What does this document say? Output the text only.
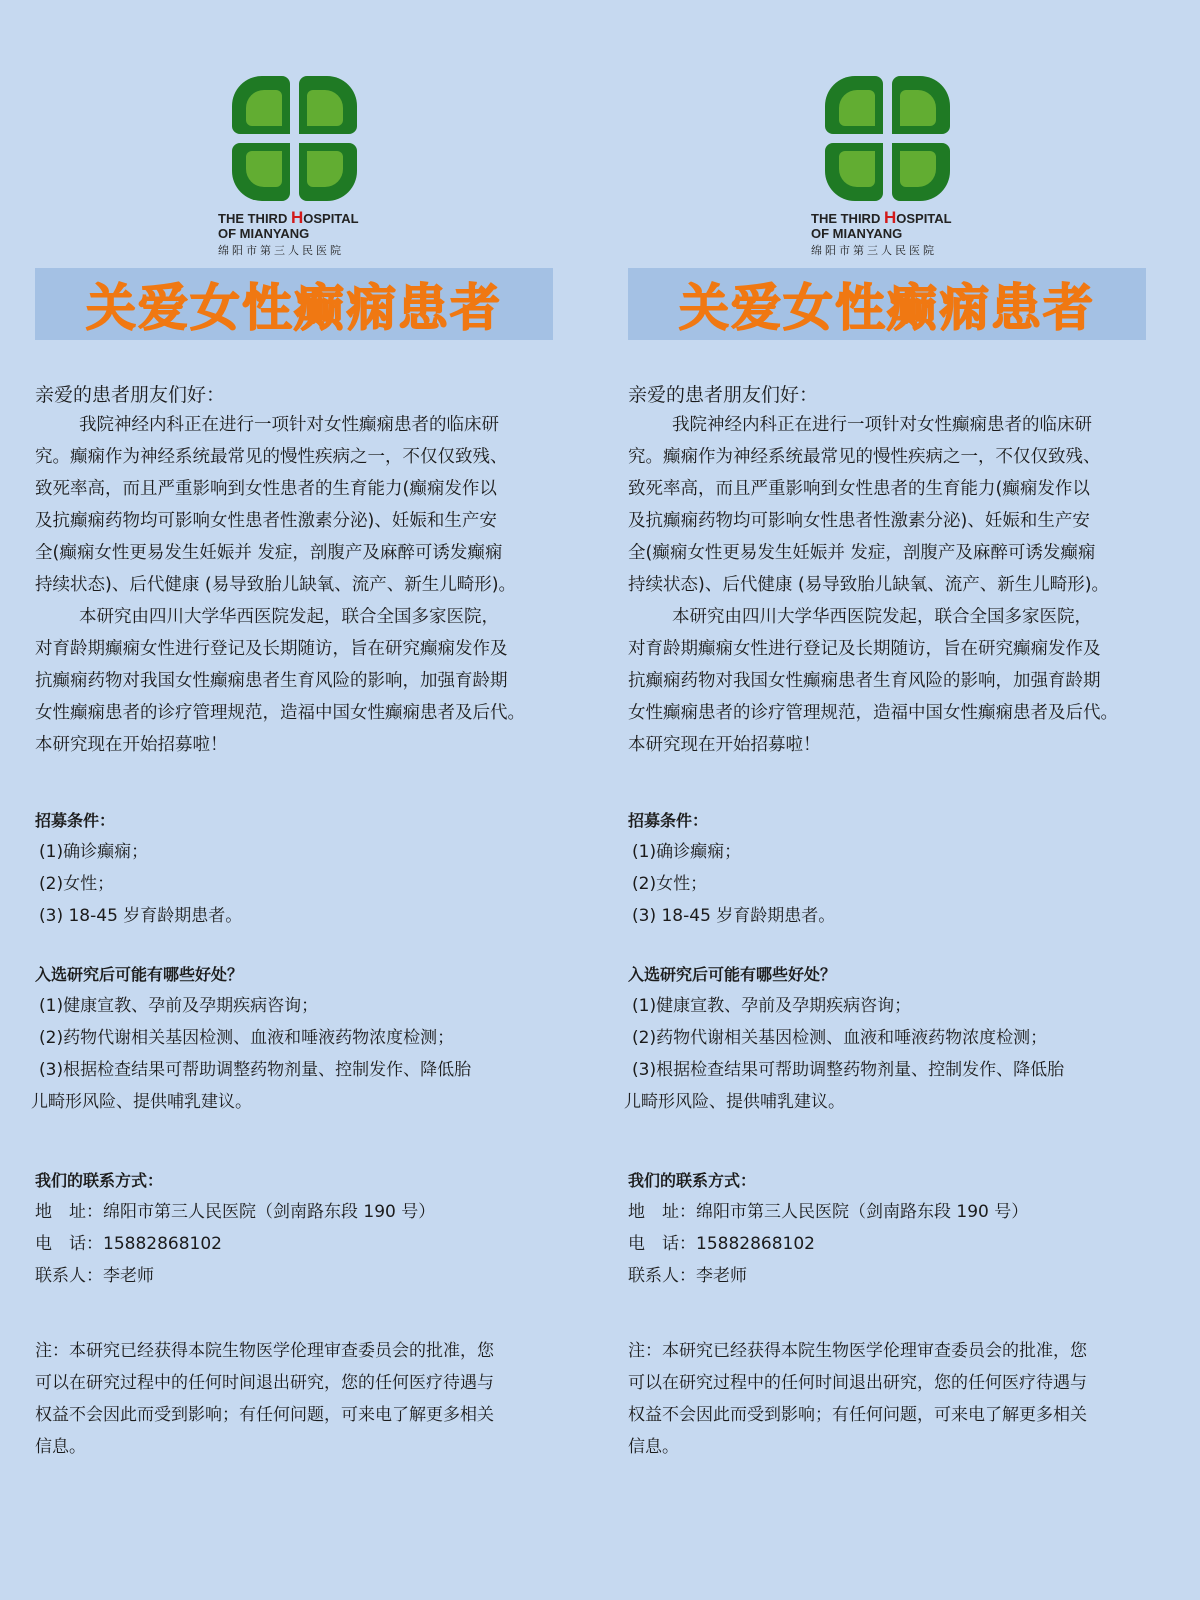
THE THIRD HOSPITAL
OF MIANYANG
绵阳市第三人民医院
关爱女性癫痫患者
亲爱的患者朋友们好：
我院神经内科正在进行一项针对女性癫痫患者的临床研
究。癫痫作为神经系统最常见的慢性疾病之一，不仅仅致残、
致死率高，而且严重影响到女性患者的生育能力(癫痫发作以
及抗癫痫药物均可影响女性患者性激素分泌)、妊娠和生产安
全(癫痫女性更易发生妊娠并 发症，剖腹产及麻醉可诱发癫痫
持续状态)、后代健康 (易导致胎儿缺氧、流产、新生儿畸形)。
本研究由四川大学华西医院发起，联合全国多家医院，
对育龄期癫痫女性进行登记及长期随访，旨在研究癫痫发作及
抗癫痫药物对我国女性癫痫患者生育风险的影响，加强育龄期
女性癫痫患者的诊疗管理规范，造福中国女性癫痫患者及后代。
本研究现在开始招募啦！
招募条件：
(1)确诊癫痫；
(2)女性；
(3) 18-45 岁育龄期患者。
入选研究后可能有哪些好处？
(1)健康宣教、孕前及孕期疾病咨询；
(2)药物代谢相关基因检测、血液和唾液药物浓度检测；
(3)根据检查结果可帮助调整药物剂量、控制发作、降低胎
儿畸形风险、提供哺乳建议。
我们的联系方式：
地　址：绵阳市第三人民医院（剑南路东段 190 号）
电　话：15882868102
联系人：李老师
注：本研究已经获得本院生物医学伦理审查委员会的批准，您
可以在研究过程中的任何时间退出研究，您的任何医疗待遇与
权益不会因此而受到影响；有任何问题，可来电了解更多相关
信息。
THE THIRD HOSPITAL
OF MIANYANG
绵阳市第三人民医院
关爱女性癫痫患者
亲爱的患者朋友们好：
我院神经内科正在进行一项针对女性癫痫患者的临床研
究。癫痫作为神经系统最常见的慢性疾病之一，不仅仅致残、
致死率高，而且严重影响到女性患者的生育能力(癫痫发作以
及抗癫痫药物均可影响女性患者性激素分泌)、妊娠和生产安
全(癫痫女性更易发生妊娠并 发症，剖腹产及麻醉可诱发癫痫
持续状态)、后代健康 (易导致胎儿缺氧、流产、新生儿畸形)。
本研究由四川大学华西医院发起，联合全国多家医院，
对育龄期癫痫女性进行登记及长期随访，旨在研究癫痫发作及
抗癫痫药物对我国女性癫痫患者生育风险的影响，加强育龄期
女性癫痫患者的诊疗管理规范，造福中国女性癫痫患者及后代。
本研究现在开始招募啦！
招募条件：
(1)确诊癫痫；
(2)女性；
(3) 18-45 岁育龄期患者。
入选研究后可能有哪些好处？
(1)健康宣教、孕前及孕期疾病咨询；
(2)药物代谢相关基因检测、血液和唾液药物浓度检测；
(3)根据检查结果可帮助调整药物剂量、控制发作、降低胎
儿畸形风险、提供哺乳建议。
我们的联系方式：
地　址：绵阳市第三人民医院（剑南路东段 190 号）
电　话：15882868102
联系人：李老师
注：本研究已经获得本院生物医学伦理审查委员会的批准，您
可以在研究过程中的任何时间退出研究，您的任何医疗待遇与
权益不会因此而受到影响；有任何问题，可来电了解更多相关
信息。
